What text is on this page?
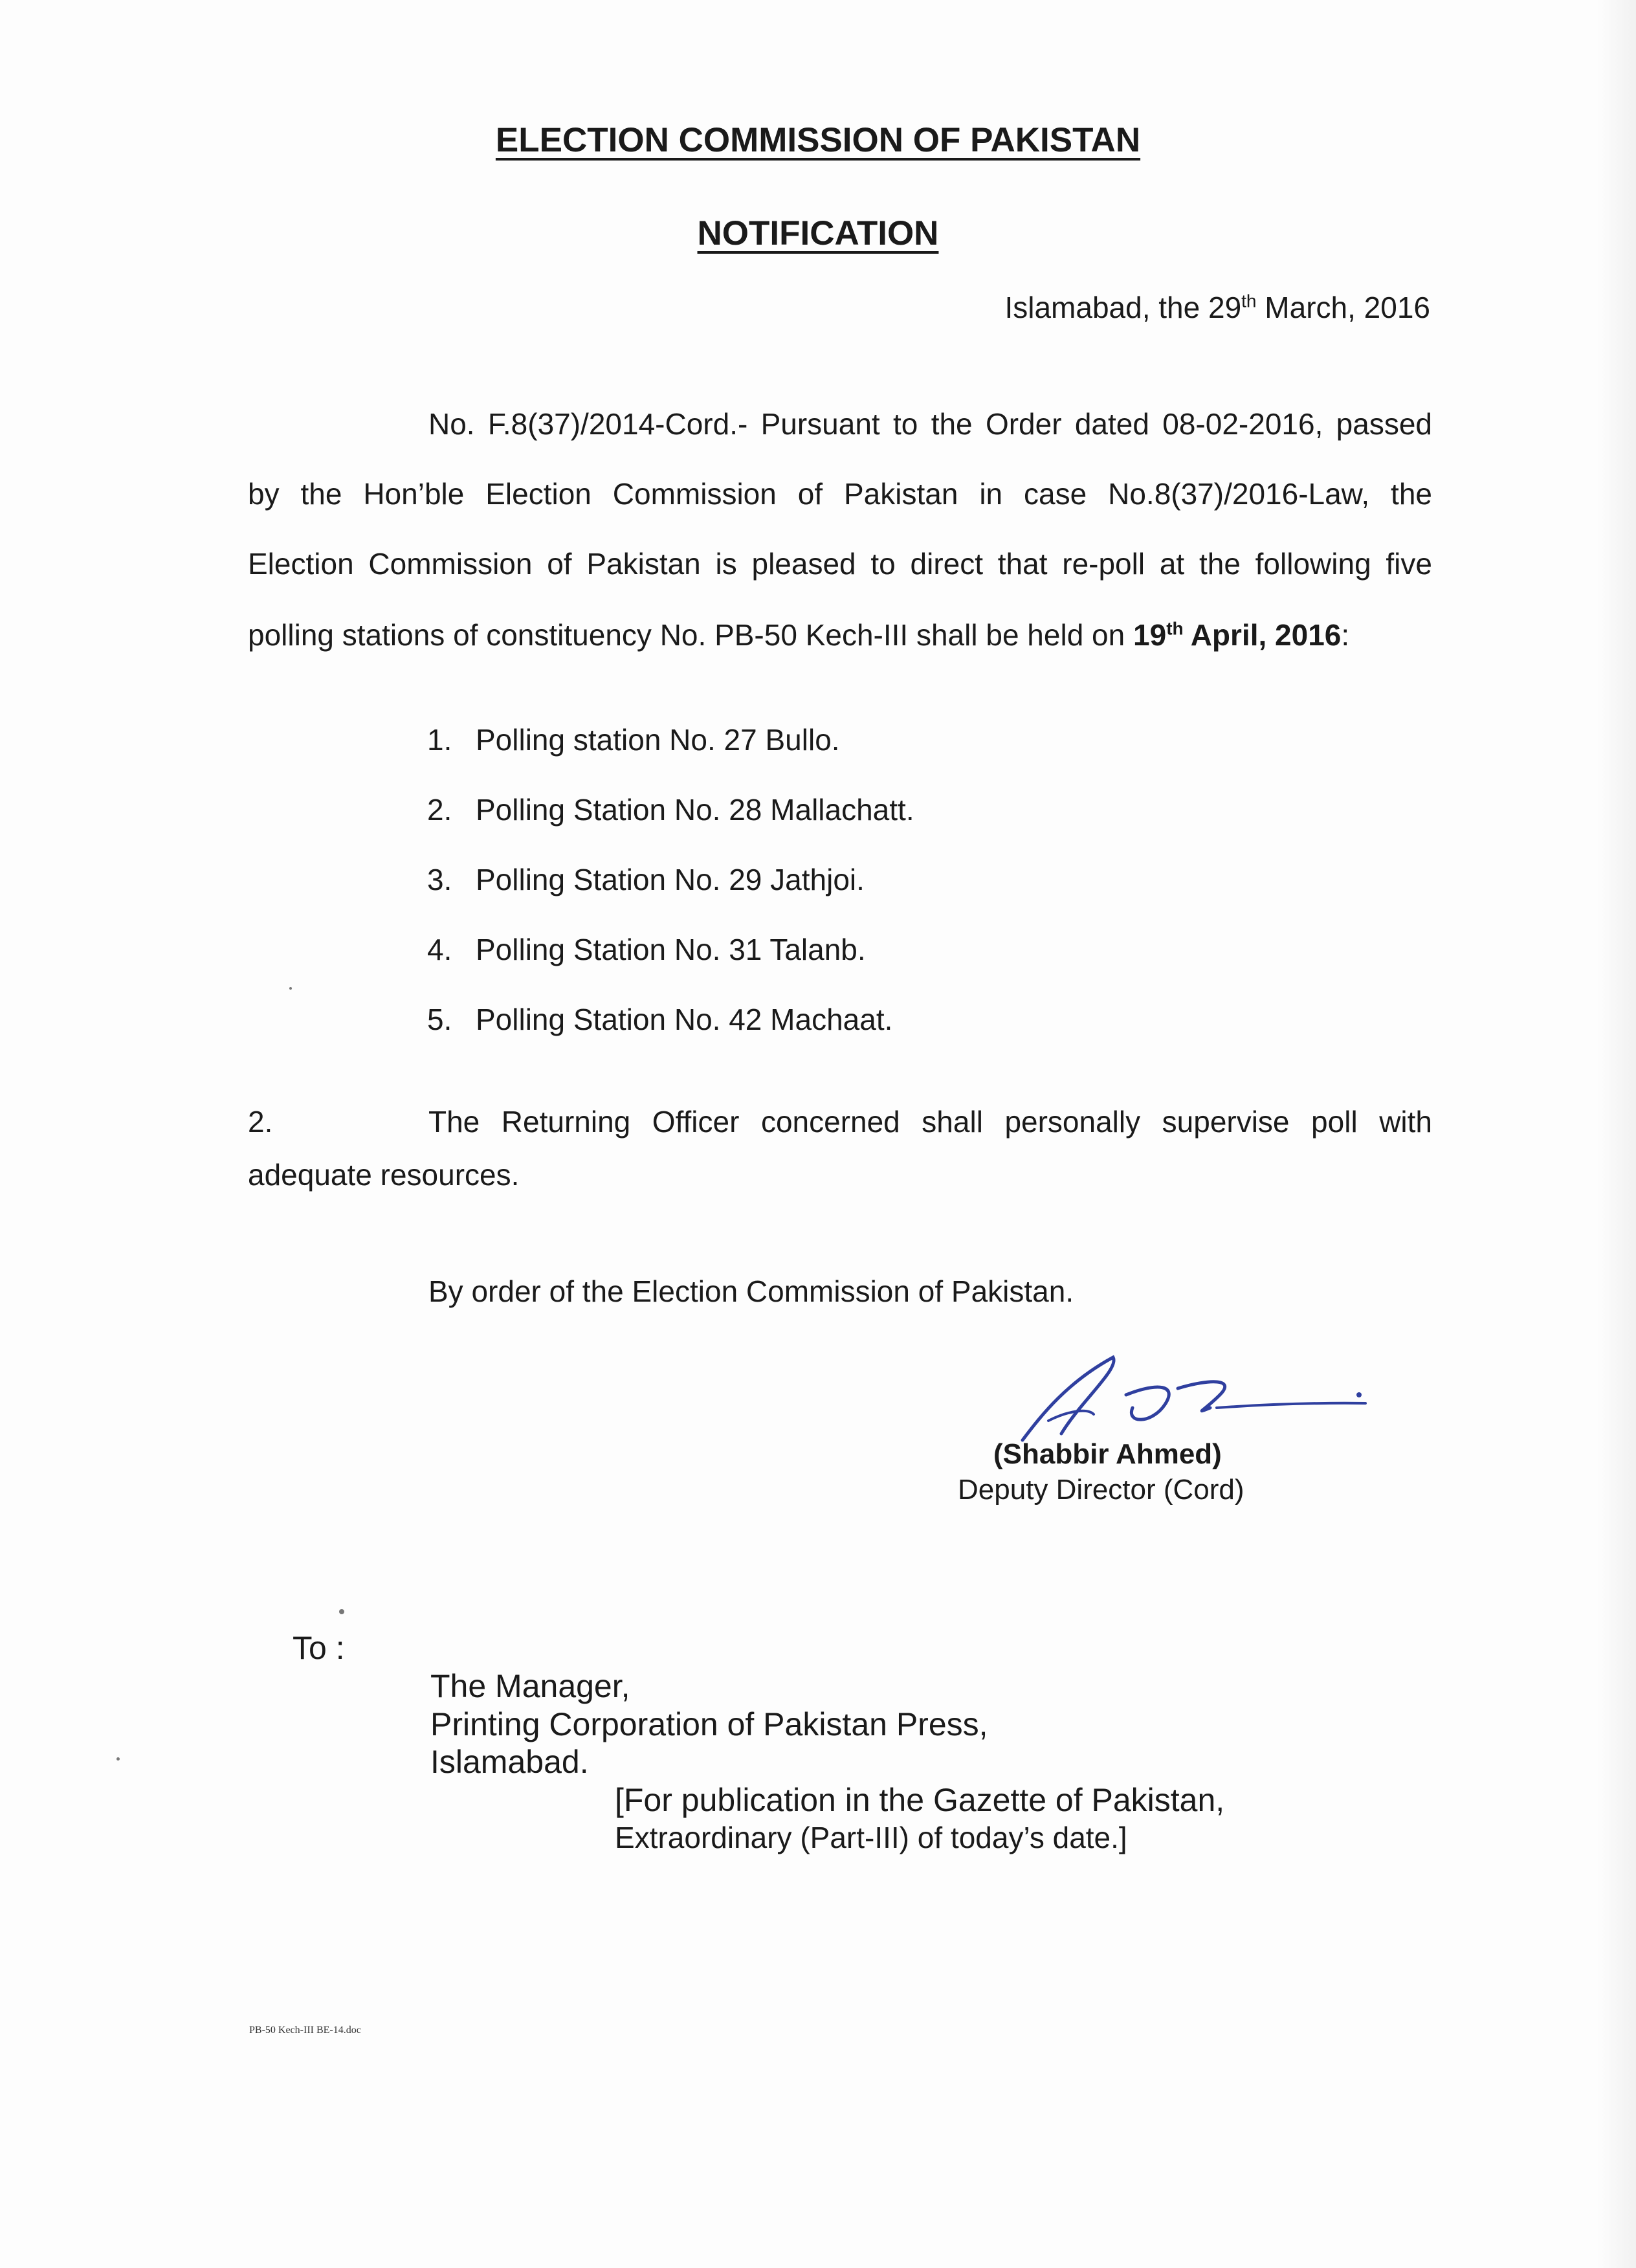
ELECTION COMMISSION OF PAKISTAN
NOTIFICATION
Islamabad, the 29th March, 2016
No. F.8(37)/2014-Cord.- Pursuant to the Order dated 08-02-2016, passed
by the Hon’ble Election Commission of Pakistan in case No.8(37)/2016-Law, the
Election Commission of Pakistan is pleased to direct that re-poll at the following five
polling stations of constituency No. PB-50 Kech-III shall be held on 19th April, 2016:
1. Polling station No. 27 Bullo.
2. Polling Station No. 28 Mallachatt.
3. Polling Station No. 29 Jathjoi.
4. Polling Station No. 31 Talanb.
5. Polling Station No. 42 Machaat.
2.	The Returning Officer concerned shall personally supervise poll with
adequate resources.
By order of the Election Commission of Pakistan.
(Shabbir Ahmed)
Deputy Director (Cord)
To :
The Manager,
Printing Corporation of Pakistan Press,
Islamabad.
[For publication in the Gazette of Pakistan,
Extraordinary (Part-III) of today’s date.]
PB-50 Kech-III BE-14.doc
